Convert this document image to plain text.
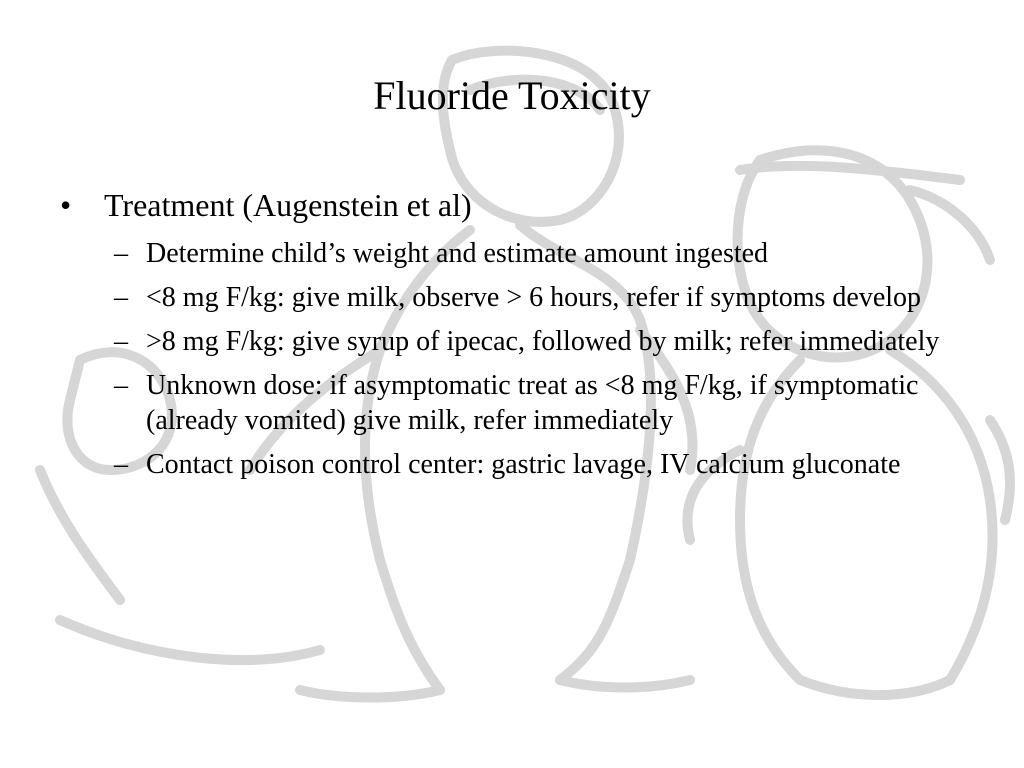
Fluoride Toxicity
• Treatment (Augenstein et al)
– Determine child’s weight and estimate amount ingested
– <8 mg F/kg: give milk, observe > 6 hours, refer if symptoms develop
– >8 mg F/kg: give syrup of ipecac, followed by milk; refer immediately
– Unknown dose: if asymptomatic treat as <8 mg F/kg, if symptomatic (already vomited) give milk, refer immediately
– Contact poison control center: gastric lavage, IV calcium gluconate
